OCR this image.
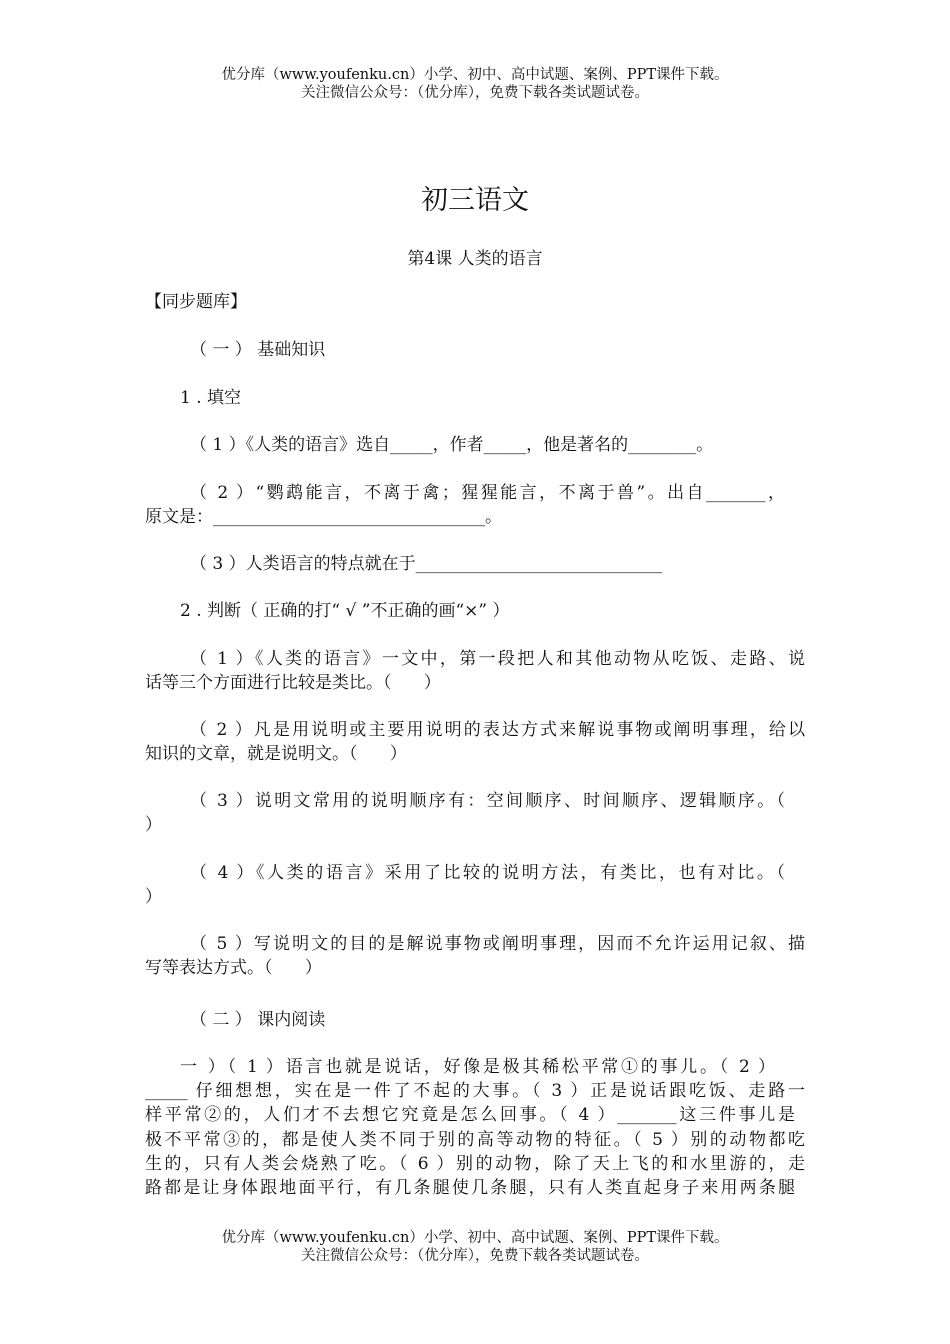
优分库（www.youfenku.cn）小学、初中、高中试题、案例、PPT课件下载。
关注微信公众号：（优分库），免费下载各类试题试卷。
初三语文
第4课 人类的语言
【同步题库】
（ 一 ） 基础知识
1 . 填空
（ 1 ）《人类的语言》选自_____，作者_____，他是著名的________。
（ 2 ）“鹦鹉能言，不离于禽；猩猩能言，不离于兽”。出自_______，
原文是：________________________________。
（ 3 ）人类语言的特点就在于_____________________________
2 . 判断（ 正确的打“ √ ”不正确的画“×” ）
（ 1 ）《人类的语言》一文中，第一段把人和其他动物从吃饭、走路、说
话等三个方面进行比较是类比。（      ）
（ 2 ）凡是用说明或主要用说明的表达方式来解说事物或阐明事理，给以
知识的文章，就是说明文。（      ）
（ 3 ）说明文常用的说明顺序有：空间顺序、时间顺序、逻辑顺序。（
）
（ 4 ）《人类的语言》采用了比较的说明方法，有类比，也有对比。（
）
（ 5 ）写说明文的目的是解说事物或阐明事理，因而不允许运用记叙、描
写等表达方式。（      ）
（ 二 ） 课内阅读
一 ）（ 1 ）语言也就是说话，好像是极其稀松平常①的事儿。（ 2 ）
_____ 仔细想想，实在是一件了不起的大事。（ 3 ）正是说话跟吃饭、走路一
样平常②的，人们才不去想它究竟是怎么回事。（ 4 ）_______这三件事儿是
极不平常③的，都是使人类不同于别的高等动物的特征。（ 5 ）别的动物都吃
生的，只有人类会烧熟了吃。（ 6 ）别的动物，除了天上飞的和水里游的，走
路都是让身体跟地面平行，有几条腿使几条腿，只有人类直起身子来用两条腿
优分库（www.youfenku.cn）小学、初中、高中试题、案例、PPT课件下载。
关注微信公众号：（优分库），免费下载各类试题试卷。
